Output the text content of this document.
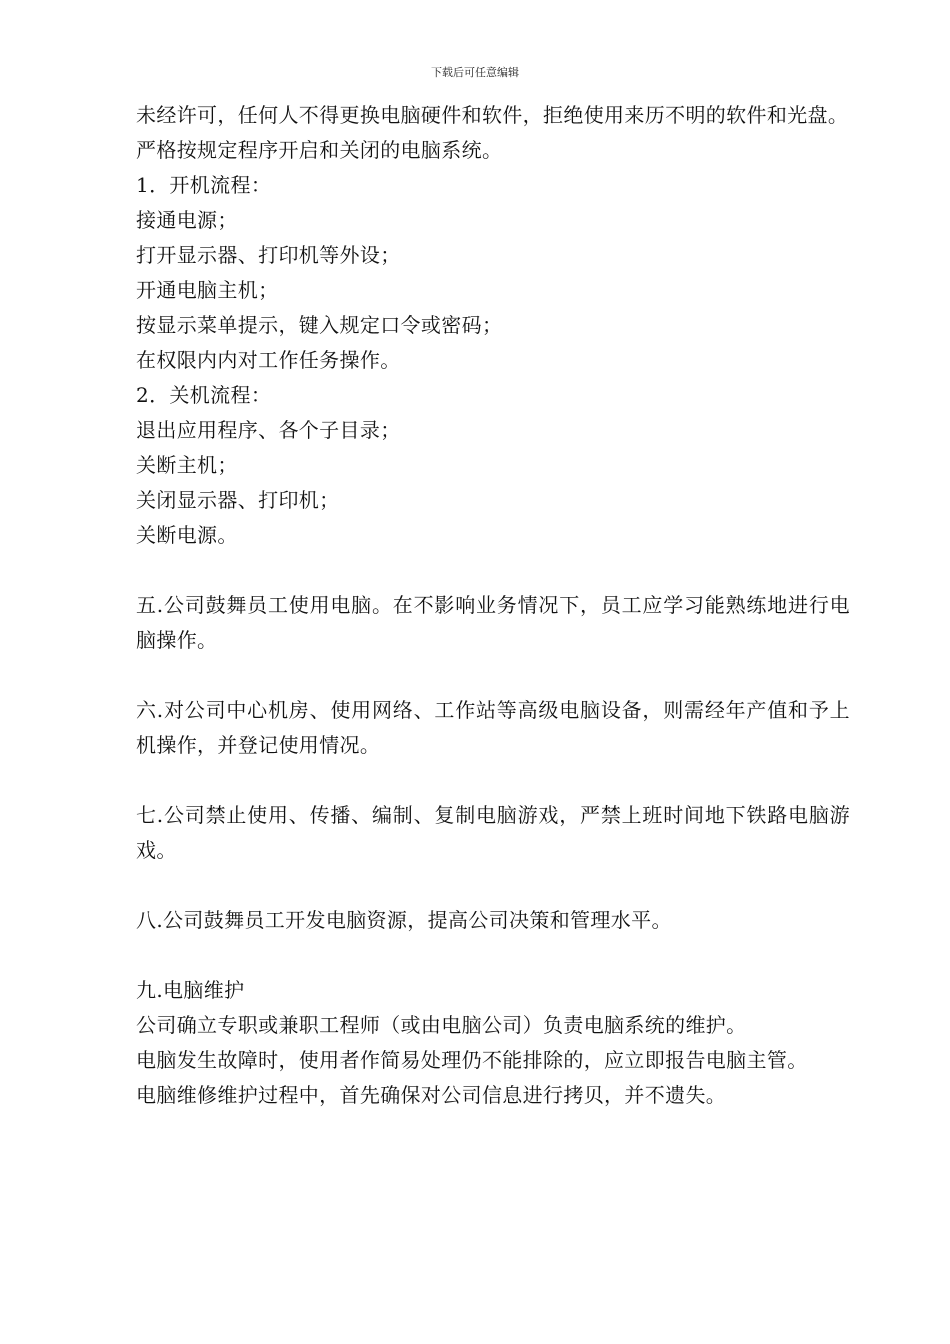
下载后可任意编辑

未经许可，任何人不得更换电脑硬件和软件，拒绝使用来历不明的软件和光盘。

严格按规定程序开启和关闭的电脑系统。

1．开机流程：

接通电源；

打开显示器、打印机等外设；

开通电脑主机；

按显示菜单提示，键入规定口令或密码；

在权限内内对工作任务操作。

2．关机流程：

退出应用程序、各个子目录；

关断主机；

关闭显示器、打印机；

关断电源。

五.公司鼓舞员工使用电脑。在不影响业务情况下，员工应学习能熟练地进行电脑操作。

六.对公司中心机房、使用网络、工作站等高级电脑设备，则需经年产值和予上机操作，并登记使用情况。

七.公司禁止使用、传播、编制、复制电脑游戏，严禁上班时间地下铁路电脑游戏。

八.公司鼓舞员工开发电脑资源，提高公司决策和管理水平。

九.电脑维护

公司确立专职或兼职工程师（或由电脑公司）负责电脑系统的维护。

电脑发生故障时，使用者作简易处理仍不能排除的，应立即报告电脑主管。

电脑维修维护过程中，首先确保对公司信息进行拷贝，并不遗失。
